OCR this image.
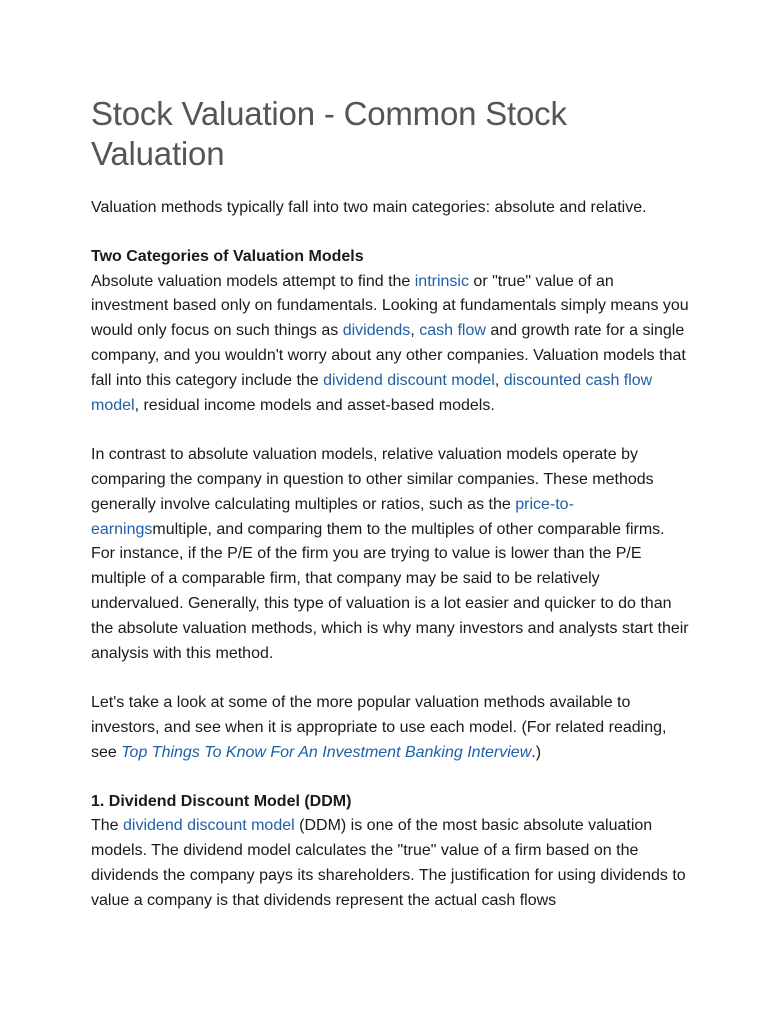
Stock Valuation - Common Stock Valuation

Valuation methods typically fall into two main categories: absolute and relative.

Two Categories of Valuation Models

Absolute valuation models attempt to find the intrinsic or "true" value of an investment based only on fundamentals. Looking at fundamentals simply means you would only focus on such things as dividends, cash flow and growth rate for a single company, and you wouldn't worry about any other companies. Valuation models that fall into this category include the dividend discount model, discounted cash flow model, residual income models and asset-based models.

In contrast to absolute valuation models, relative valuation models operate by comparing the company in question to other similar companies. These methods generally involve calculating multiples or ratios, such as the price-to-earningsmultiple, and comparing them to the multiples of other comparable firms. For instance, if the P/E of the firm you are trying to value is lower than the P/E multiple of a comparable firm, that company may be said to be relatively undervalued. Generally, this type of valuation is a lot easier and quicker to do than the absolute valuation methods, which is why many investors and analysts start their analysis with this method.

Let's take a look at some of the more popular valuation methods available to investors, and see when it is appropriate to use each model. (For related reading, see Top Things To Know For An Investment Banking Interview.)

1. Dividend Discount Model (DDM)

The dividend discount model (DDM) is one of the most basic absolute valuation models. The dividend model calculates the "true" value of a firm based on the dividends the company pays its shareholders. The justification for using dividends to value a company is that dividends represent the actual cash flows
